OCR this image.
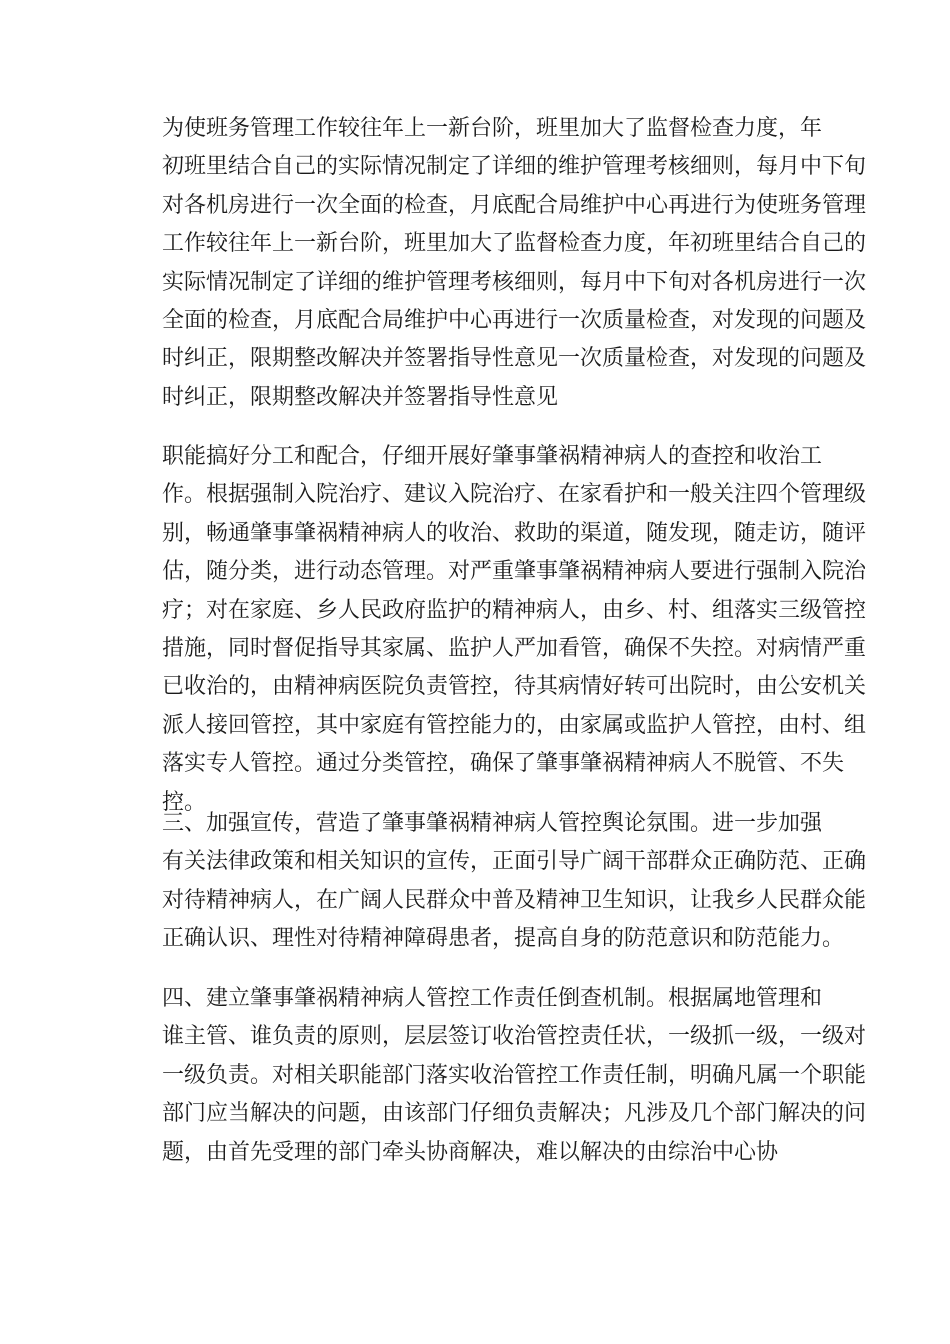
为使班务管理工作较往年上一新台阶，班里加大了监督检查力度，年
初班里结合自己的实际情况制定了详细的维护管理考核细则，每月中下旬
对各机房进行一次全面的检查，月底配合局维护中心再进行为使班务管理
工作较往年上一新台阶，班里加大了监督检查力度，年初班里结合自己的
实际情况制定了详细的维护管理考核细则，每月中下旬对各机房进行一次
全面的检查，月底配合局维护中心再进行一次质量检查，对发现的问题及
时纠正，限期整改解决并签署指导性意见一次质量检查，对发现的问题及
时纠正，限期整改解决并签署指导性意见

职能搞好分工和配合，仔细开展好肇事肇祸精神病人的查控和收治工
作。根据强制入院治疗、建议入院治疗、在家看护和一般关注四个管理级
别，畅通肇事肇祸精神病人的收治、救助的渠道，随发现，随走访，随评
估，随分类，进行动态管理。对严重肇事肇祸精神病人要进行强制入院治
疗；对在家庭、乡人民政府监护的精神病人，由乡、村、组落实三级管控
措施，同时督促指导其家属、监护人严加看管，确保不失控。对病情严重
已收治的，由精神病医院负责管控，待其病情好转可出院时，由公安机关
派人接回管控，其中家庭有管控能力的，由家属或监护人管控，由村、组
落实专人管控。通过分类管控，确保了肇事肇祸精神病人不脱管、不失
控。

三、加强宣传，营造了肇事肇祸精神病人管控舆论氛围。进一步加强
有关法律政策和相关知识的宣传，正面引导广阔干部群众正确防范、正确
对待精神病人，在广阔人民群众中普及精神卫生知识，让我乡人民群众能
正确认识、理性对待精神障碍患者，提高自身的防范意识和防范能力。

四、建立肇事肇祸精神病人管控工作责任倒查机制。根据属地管理和
谁主管、谁负责的原则，层层签订收治管控责任状，一级抓一级，一级对
一级负责。对相关职能部门落实收治管控工作责任制，明确凡属一个职能
部门应当解决的问题，由该部门仔细负责解决；凡涉及几个部门解决的问
题，由首先受理的部门牵头协商解决，难以解决的由综治中心协
